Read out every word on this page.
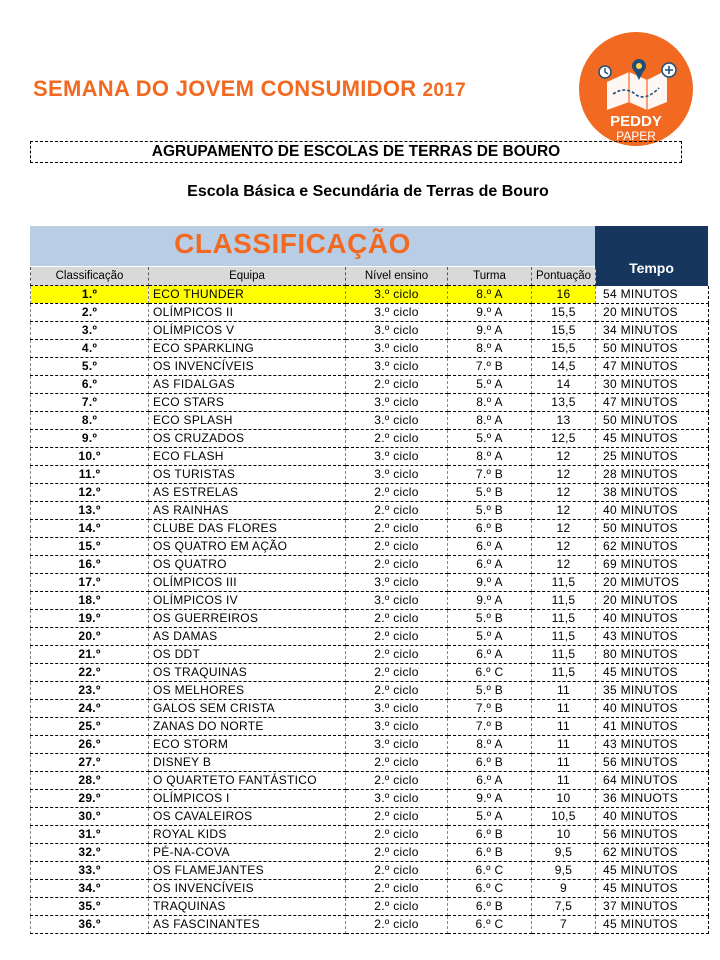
SEMANA DO JOVEM CONSUMIDOR 2017
PEDDY
PAPER
AGRUPAMENTO DE ESCOLAS DE TERRAS DE BOURO
Escola Básica e Secundária de Terras de Bouro
CLASSIFICAÇÃO
Tempo
Classificação	Equipa	Nível ensino	Turma	Pontuação	
1.º	ECO THUNDER	3.º ciclo	8.º A	16	54 MINUTOS
2.º	OLÍMPICOS II	3.º ciclo	9.º A	15,5	20 MINUTOS
3.º	OLÍMPICOS V	3.º ciclo	9.º A	15,5	34 MINUTOS
4.º	ECO SPARKLING	3.º ciclo	8.º A	15,5	50 MINUTOS
5.º	OS INVENCÍVEIS	3.º ciclo	7.º B	14,5	47 MINUTOS
6.º	AS FIDALGAS	2.º ciclo	5.º A	14	30 MINUTOS
7.º	ECO STARS	3.º ciclo	8.º A	13,5	47 MINUTOS
8.º	ECO SPLASH	3.º ciclo	8.º A	13	50 MINUTOS
9.º	OS CRUZADOS	2.º ciclo	5.º A	12,5	45 MINUTOS
10.º	ECO FLASH	3.º ciclo	8.º A	12	25 MINUTOS
11.º	OS TURISTAS	3.º ciclo	7.º B	12	28 MINUTOS
12.º	AS ESTRELAS	2.º ciclo	5.º B	12	38 MINUTOS
13.º	AS RAINHAS	2.º ciclo	5.º B	12	40 MINUTOS
14.º	CLUBE DAS FLORES	2.º ciclo	6.º B	12	50 MINUTOS
15.º	OS QUATRO EM AÇÃO	2.º ciclo	6.º A	12	62 MINUTOS
16.º	OS QUATRO	2.º ciclo	6.º A	12	69 MINUTOS
17.º	OLÍMPICOS III	3.º ciclo	9.º A	11,5	20 MIMUTOS
18.º	OLÍMPICOS IV	3.º ciclo	9.º A	11,5	20 MINUTOS
19.º	OS GUERREIROS	2.º ciclo	5.º B	11,5	40 MINUTOS
20.º	AS DAMAS	2.º ciclo	5.º A	11,5	43 MINUTOS
21.º	OS DDT	2.º ciclo	6.º A	11,5	80 MINUTOS
22.º	OS TRAQUINAS	2.º ciclo	6.º C	11,5	45 MINUTOS
23.º	OS MELHORES	2.º ciclo	5.º B	11	35 MINUTOS
24.º	GALOS SEM CRISTA	3.º ciclo	7.º B	11	40 MINUTOS
25.º	ZANAS DO NORTE	3.º ciclo	7.º B	11	41 MINUTOS
26.º	ECO STORM	3.º ciclo	8.º A	11	43 MINUTOS
27.º	DISNEY B	2.º ciclo	6.º B	11	56 MINUTOS
28.º	O QUARTETO FANTÁSTICO	2.º ciclo	6.º A	11	64 MINUTOS
29.º	OLÍMPICOS I	3.º ciclo	9.º A	10	36 MINUOTS
30.º	OS CAVALEIROS	2.º ciclo	5.º A	10,5	40 MINUTOS
31.º	ROYAL KIDS	2.º ciclo	6.º B	10	56 MINUTOS
32.º	PÉ-NA-COVA	2.º ciclo	6.º B	9,5	62 MINUTOS
33.º	OS FLAMEJANTES	2.º ciclo	6.º C	9,5	45 MINUTOS
34.º	OS INVENCÍVEIS	2.º ciclo	6.º C	9	45 MINUTOS
35.º	TRAQUINAS	2.º ciclo	6.º B	7,5	37 MINUTOS
36.º	AS FASCINANTES	2.º ciclo	6.º C	7	45 MINUTOS
